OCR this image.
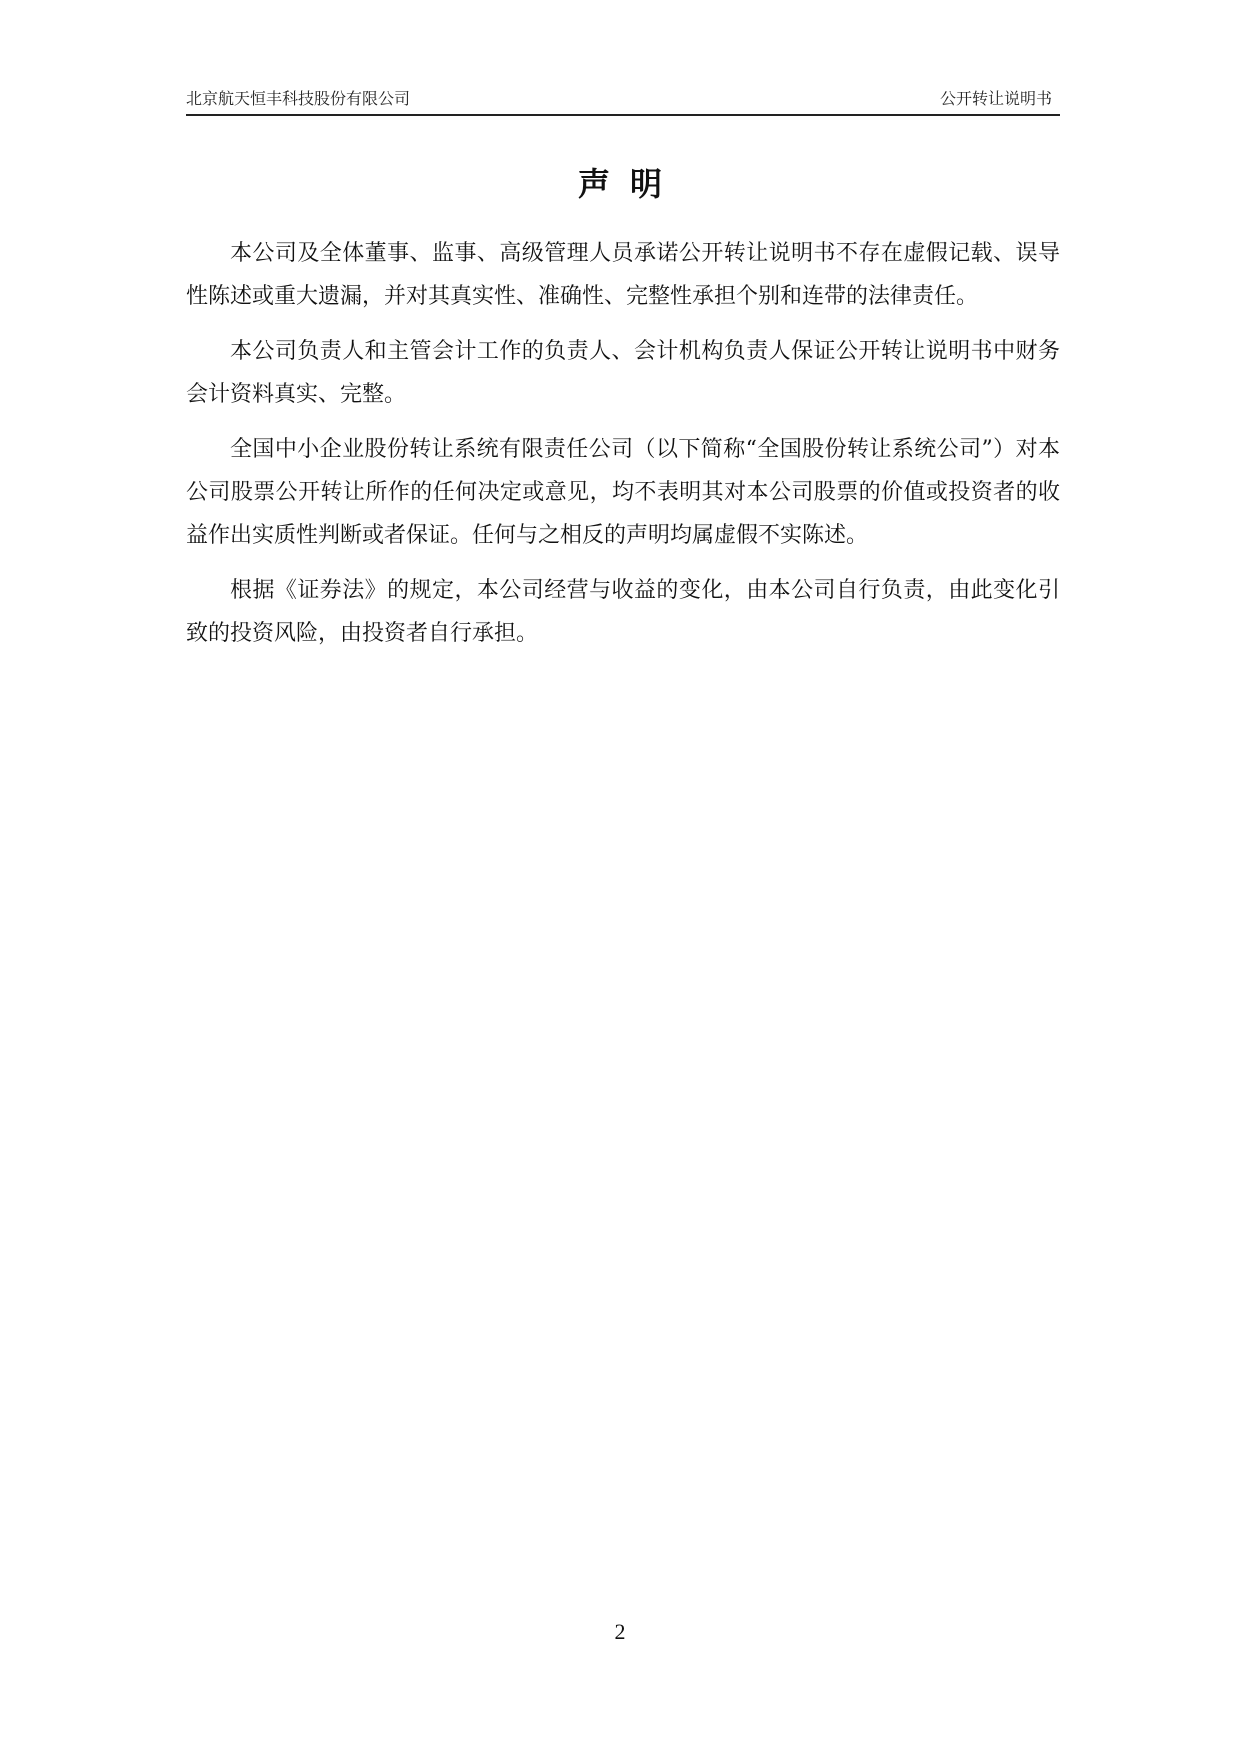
北京航天恒丰科技股份有限公司	公开转让说明书
声明

本公司及全体董事、监事、高级管理人员承诺公开转让说明书不存在虚假记载、误导性陈述或重大遗漏，并对其真实性、准确性、完整性承担个别和连带的法律责任。

本公司负责人和主管会计工作的负责人、会计机构负责人保证公开转让说明书中财务会计资料真实、完整。

全国中小企业股份转让系统有限责任公司（以下简称“全国股份转让系统公司”）对本公司股票公开转让所作的任何决定或意见，均不表明其对本公司股票的价值或投资者的收益作出实质性判断或者保证。任何与之相反的声明均属虚假不实陈述。

根据《证券法》的规定，本公司经营与收益的变化，由本公司自行负责，由此变化引致的投资风险，由投资者自行承担。

2
